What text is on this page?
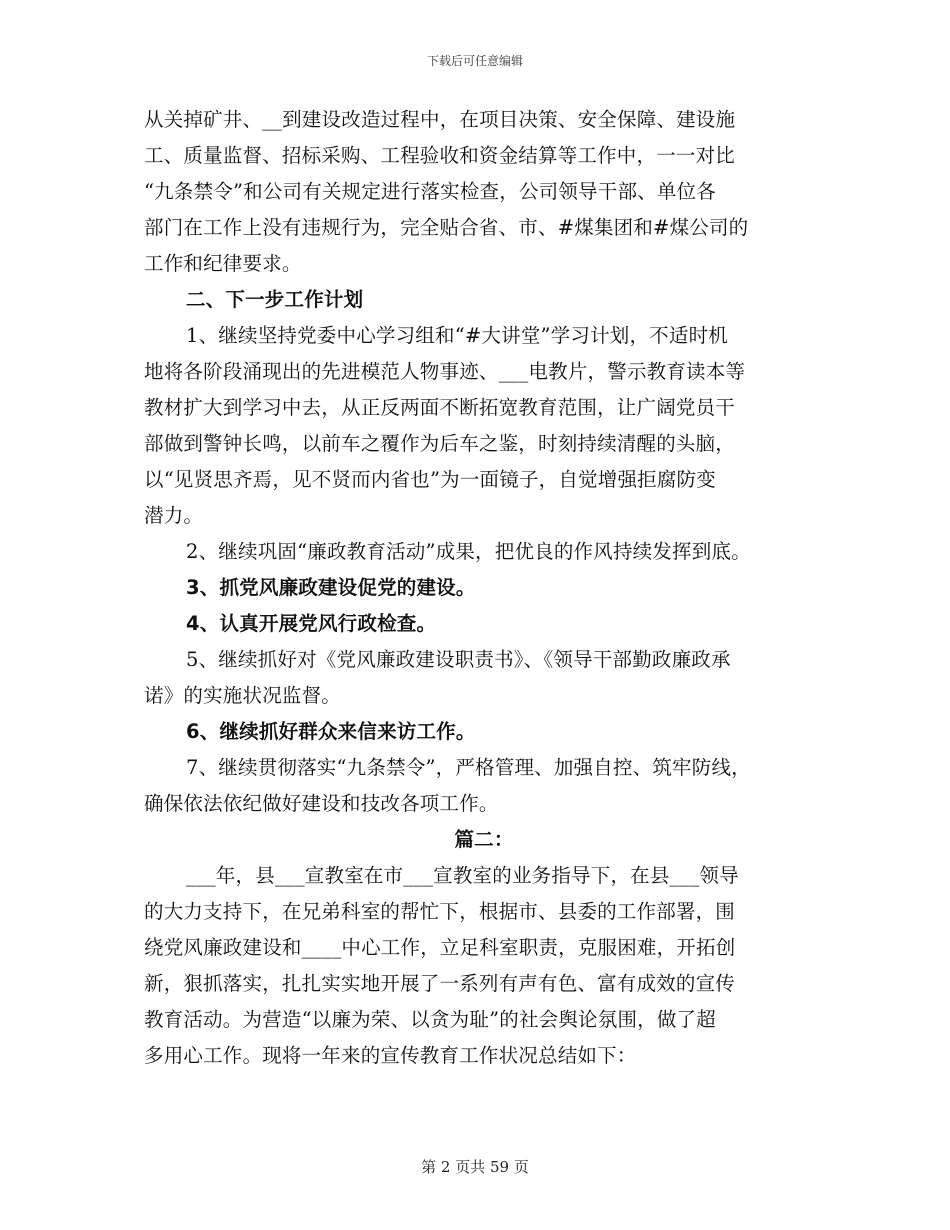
下载后可任意编辑
从关掉矿井、__到建设改造过程中，在项目决策、安全保障、建设施
工、质量监督、招标采购、工程验收和资金结算等工作中，一一对比
“九条禁令”和公司有关规定进行落实检查，公司领导干部、单位各
部门在工作上没有违规行为，完全贴合省、市、#煤集团和#煤公司的
工作和纪律要求。
二、下一步工作计划
1、继续坚持党委中心学习组和“#大讲堂”学习计划，不适时机
地将各阶段涌现出的先进模范人物事迹、___电教片，警示教育读本等
教材扩大到学习中去，从正反两面不断拓宽教育范围，让广阔党员干
部做到警钟长鸣，以前车之覆作为后车之鉴，时刻持续清醒的头脑，
以“见贤思齐焉，见不贤而内省也”为一面镜子，自觉增强拒腐防变
潜力。
2、继续巩固“廉政教育活动”成果，把优良的作风持续发挥到底。
3、抓党风廉政建设促党的建设。
4、认真开展党风行政检查。
5、继续抓好对《党风廉政建设职责书》、《领导干部勤政廉政承
诺》的实施状况监督。
6、继续抓好群众来信来访工作。
7、继续贯彻落实“九条禁令”，严格管理、加强自控、筑牢防线，
确保依法依纪做好建设和技改各项工作。
篇二：
___年，县___宣教室在市___宣教室的业务指导下，在县___领导
的大力支持下，在兄弟科室的帮忙下，根据市、县委的工作部署，围
绕党风廉政建设和____中心工作，立足科室职责，克服困难，开拓创
新，狠抓落实，扎扎实实地开展了一系列有声有色、富有成效的宣传
教育活动。为营造“以廉为荣、以贪为耻”的社会舆论氛围，做了超
多用心工作。现将一年来的宣传教育工作状况总结如下：
第 2 页共 59 页
